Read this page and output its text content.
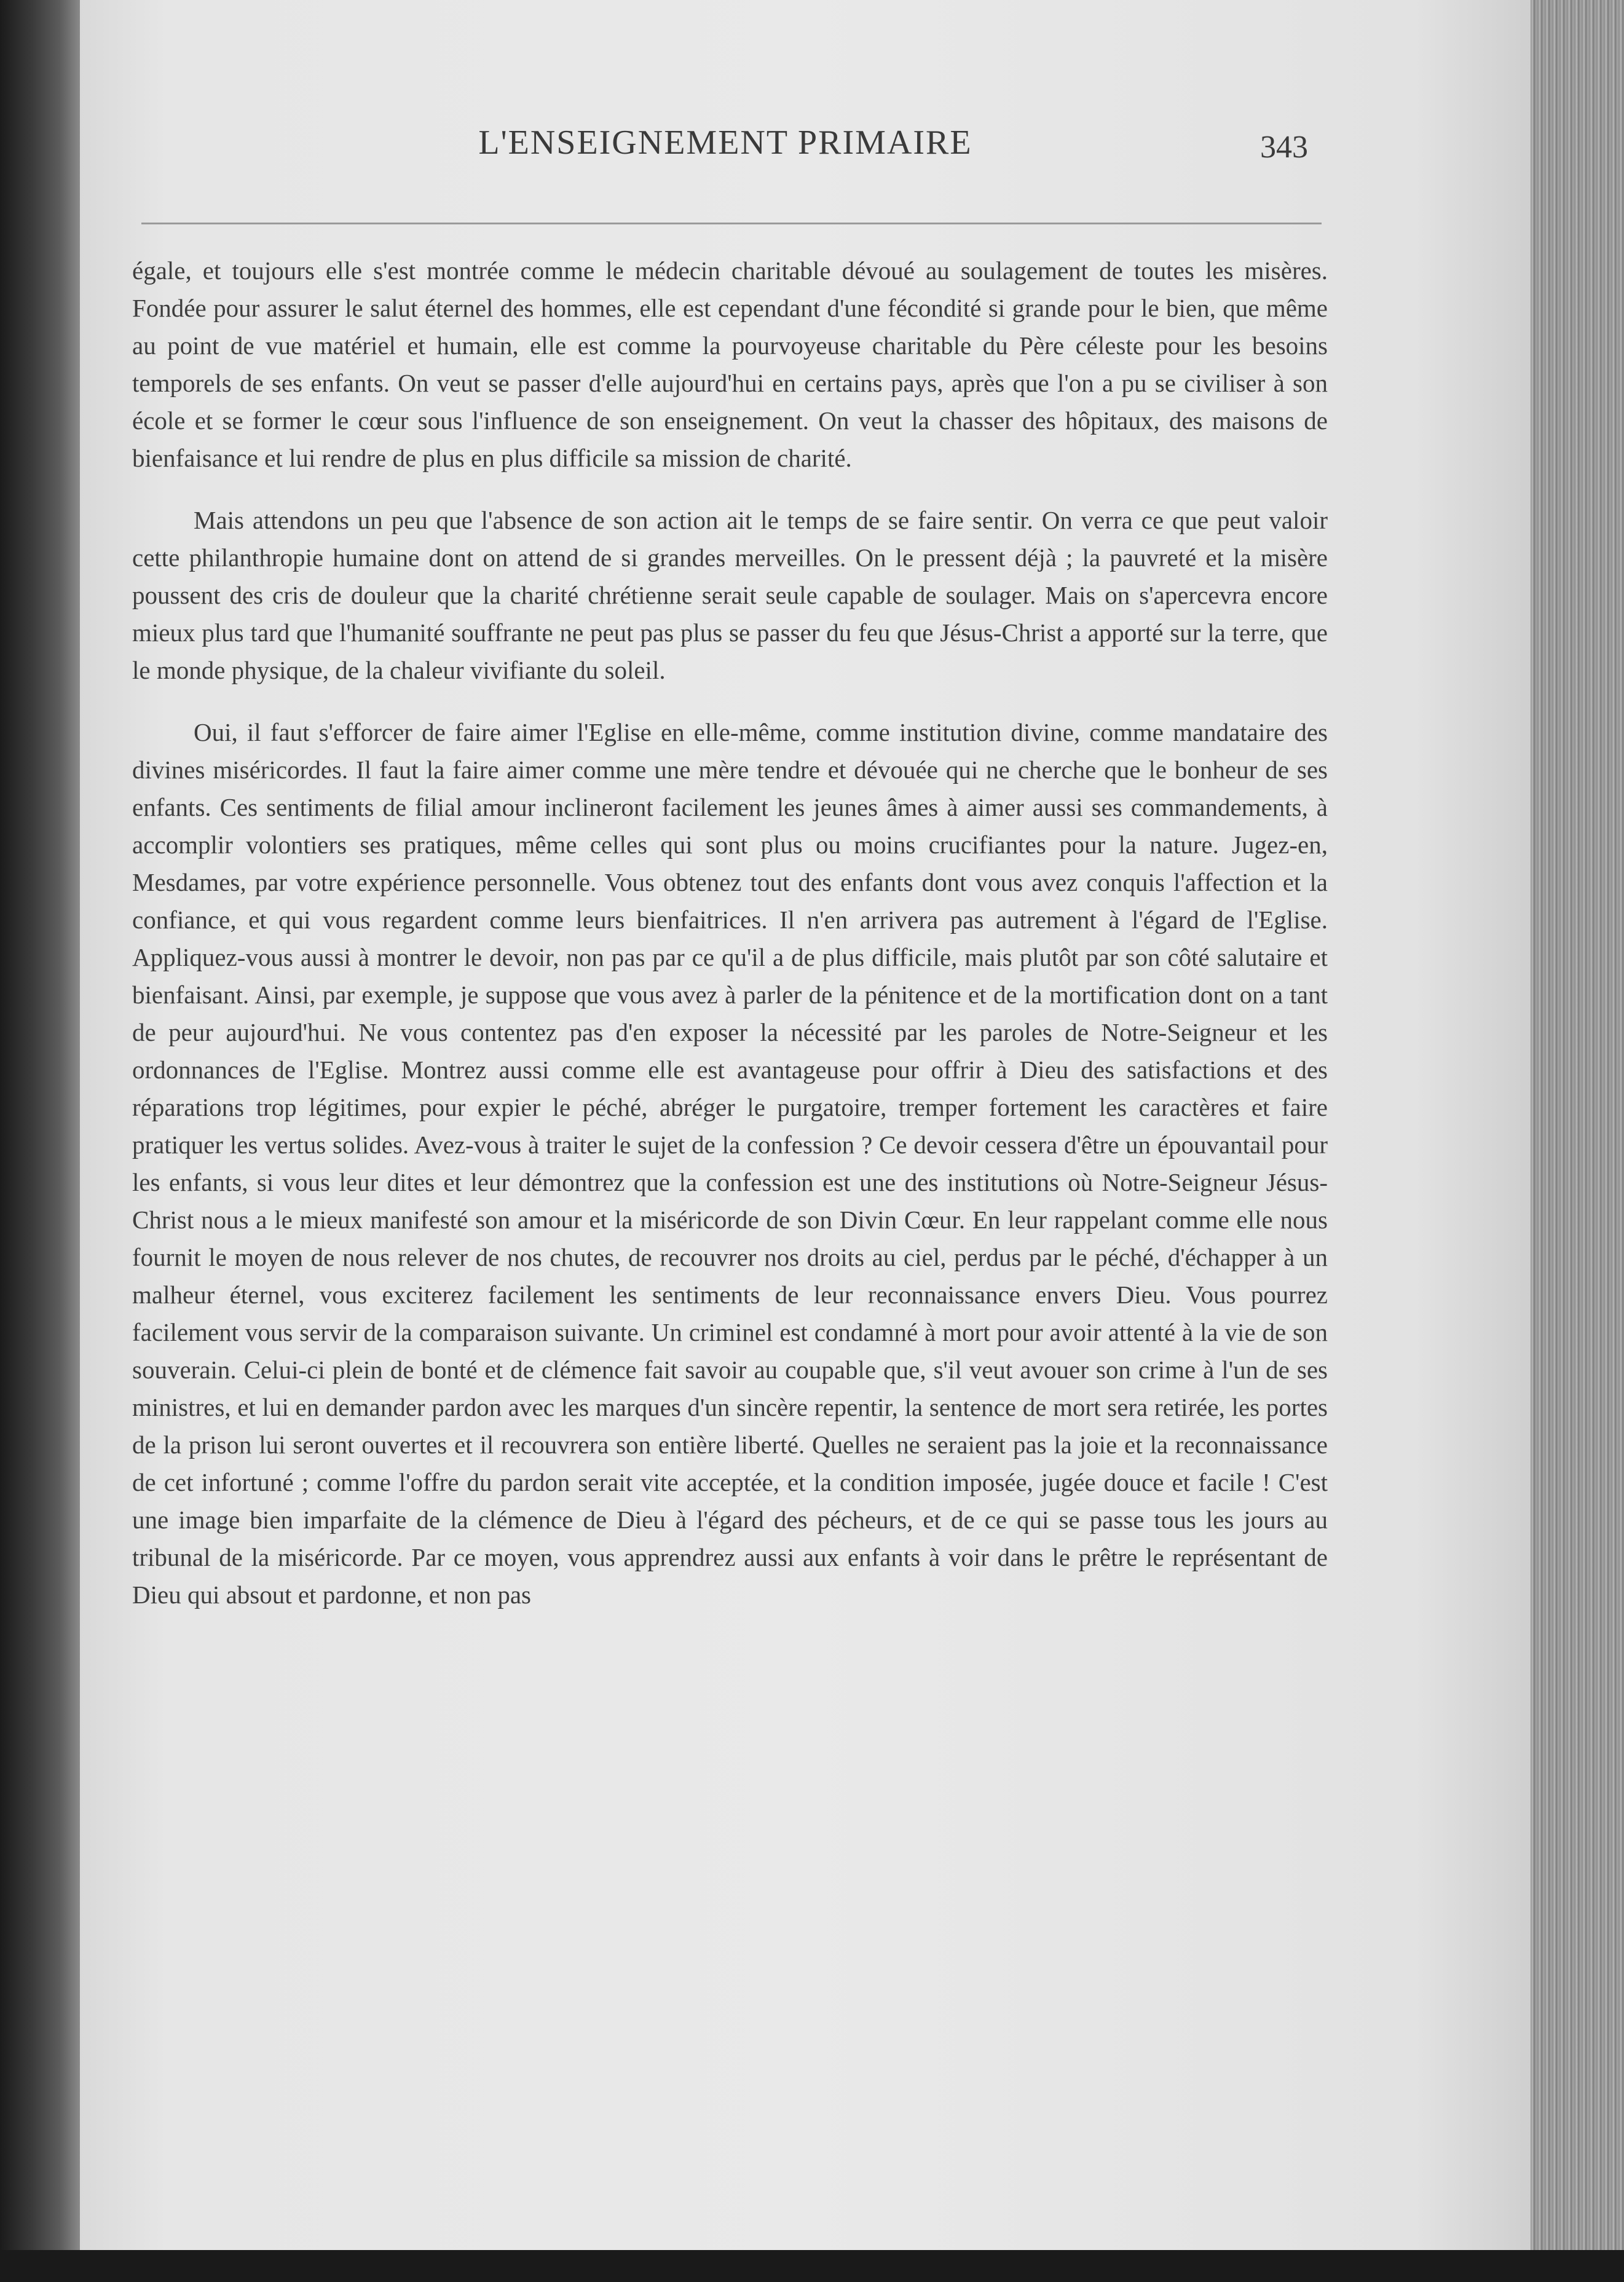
L'ENSEIGNEMENT PRIMAIRE	343

égale, et toujours elle s'est montrée comme le médecin charitable dévoué au soulagement de toutes les misères. Fondée pour assurer le salut éternel des hommes, elle est cependant d'une fécondité si grande pour le bien, que même au point de vue matériel et humain, elle est comme la pourvoyeuse charitable du Père céleste pour les besoins temporels de ses enfants. On veut se passer d'elle aujourd'hui en certains pays, après que l'on a pu se civiliser à son école et se former le cœur sous l'influence de son enseignement. On veut la chasser des hôpitaux, des maisons de bienfaisance et lui rendre de plus en plus difficile sa mission de charité.

Mais attendons un peu que l'absence de son action ait le temps de se faire sentir. On verra ce que peut valoir cette philanthropie humaine dont on attend de si grandes merveilles. On le pressent déjà ; la pauvreté et la misère poussent des cris de douleur que la charité chrétienne serait seule capable de soulager. Mais on s'apercevra encore mieux plus tard que l'humanité souffrante ne peut pas plus se passer du feu que Jésus-Christ a apporté sur la terre, que le monde physique, de la chaleur vivifiante du soleil.

Oui, il faut s'efforcer de faire aimer l'Eglise en elle-même, comme institution divine, comme mandataire des divines miséricordes. Il faut la faire aimer comme une mère tendre et dévouée qui ne cherche que le bonheur de ses enfants. Ces sentiments de filial amour inclineront facilement les jeunes âmes à aimer aussi ses commandements, à accomplir volontiers ses pratiques, même celles qui sont plus ou moins crucifiantes pour la nature. Jugez-en, Mesdames, par votre expérience personnelle. Vous obtenez tout des enfants dont vous avez conquis l'affection et la confiance, et qui vous regardent comme leurs bienfaitrices. Il n'en arrivera pas autrement à l'égard de l'Eglise. Appliquez-vous aussi à montrer le devoir, non pas par ce qu'il a de plus difficile, mais plutôt par son côté salutaire et bienfaisant. Ainsi, par exemple, je suppose que vous avez à parler de la pénitence et de la mortification dont on a tant de peur aujourd'hui. Ne vous contentez pas d'en exposer la nécessité par les paroles de Notre-Seigneur et les ordonnances de l'Eglise. Montrez aussi comme elle est avantageuse pour offrir à Dieu des satisfactions et des réparations trop légitimes, pour expier le péché, abréger le purgatoire, tremper fortement les caractères et faire pratiquer les vertus solides. Avez-vous à traiter le sujet de la confession ? Ce devoir cessera d'être un épouvantail pour les enfants, si vous leur dites et leur démontrez que la confession est une des institutions où Notre-Seigneur Jésus-Christ nous a le mieux manifesté son amour et la miséricorde de son Divin Cœur. En leur rappelant comme elle nous fournit le moyen de nous relever de nos chutes, de recouvrer nos droits au ciel, perdus par le péché, d'échapper à un malheur éternel, vous exciterez facilement les sentiments de leur reconnaissance envers Dieu. Vous pourrez facilement vous servir de la comparaison suivante. Un criminel est condamné à mort pour avoir attenté à la vie de son souverain. Celui-ci plein de bonté et de clémence fait savoir au coupable que, s'il veut avouer son crime à l'un de ses ministres, et lui en demander pardon avec les marques d'un sincère repentir, la sentence de mort sera retirée, les portes de la prison lui seront ouvertes et il recouvrera son entière liberté. Quelles ne seraient pas la joie et la reconnaissance de cet infortuné ; comme l'offre du pardon serait vite acceptée, et la condition imposée, jugée douce et facile ! C'est une image bien imparfaite de la clémence de Dieu à l'égard des pécheurs, et de ce qui se passe tous les jours au tribunal de la miséricorde. Par ce moyen, vous apprendrez aussi aux enfants à voir dans le prêtre le représentant de Dieu qui absout et pardonne, et non pas
